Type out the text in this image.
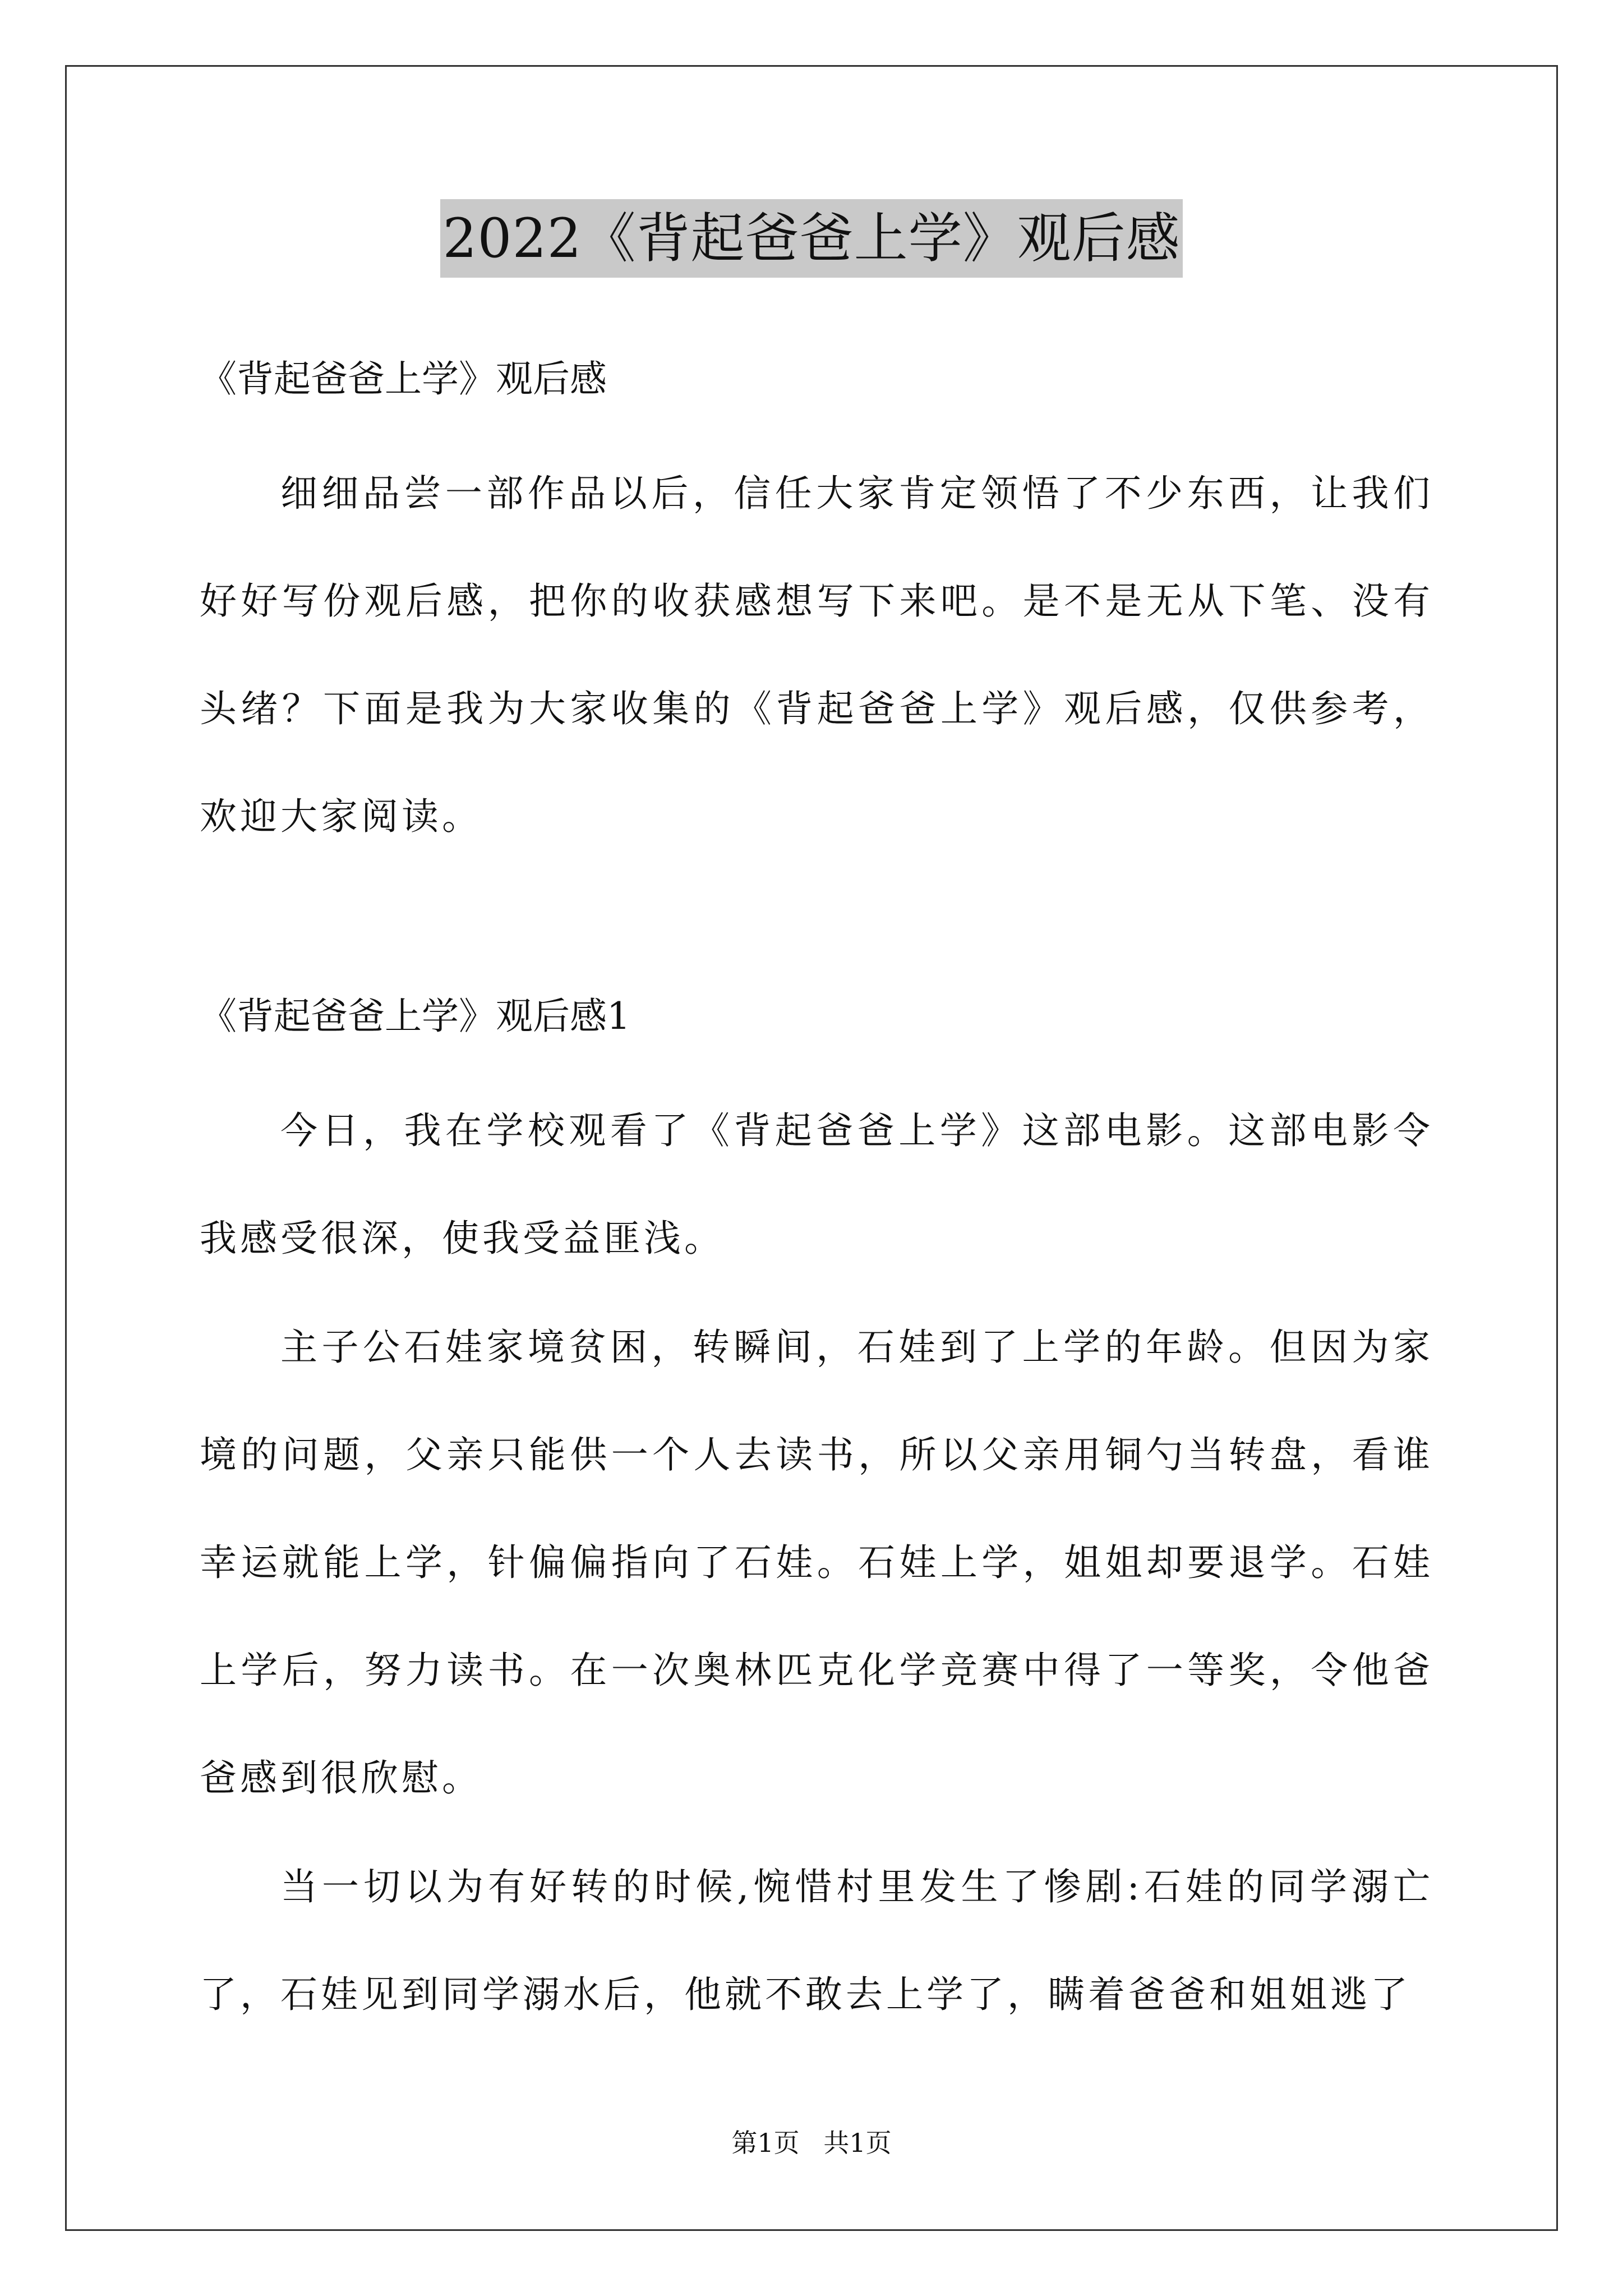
2022《背起爸爸上学》观后感

《背起爸爸上学》观后感

细细品尝一部作品以后，信任大家肯定领悟了不少东西，让我们好好写份观后感，把你的收获感想写下来吧。是不是无从下笔、没有头绪？下面是我为大家收集的《背起爸爸上学》观后感，仅供参考，欢迎大家阅读。

《背起爸爸上学》观后感1

今日，我在学校观看了《背起爸爸上学》这部电影。这部电影令我感受很深，使我受益匪浅。

主子公石娃家境贫困，转瞬间，石娃到了上学的年龄。但因为家境的问题，父亲只能供一个人去读书，所以父亲用铜勺当转盘，看谁幸运就能上学，针偏偏指向了石娃。石娃上学，姐姐却要退学。石娃上学后，努力读书。在一次奥林匹克化学竞赛中得了一等奖，令他爸爸感到很欣慰。

当一切以为有好转的时候,惋惜村里发生了惨剧:石娃的同学溺亡了，石娃见到同学溺水后，他就不敢去上学了，瞒着爸爸和姐姐逃了

第1页 共1页
